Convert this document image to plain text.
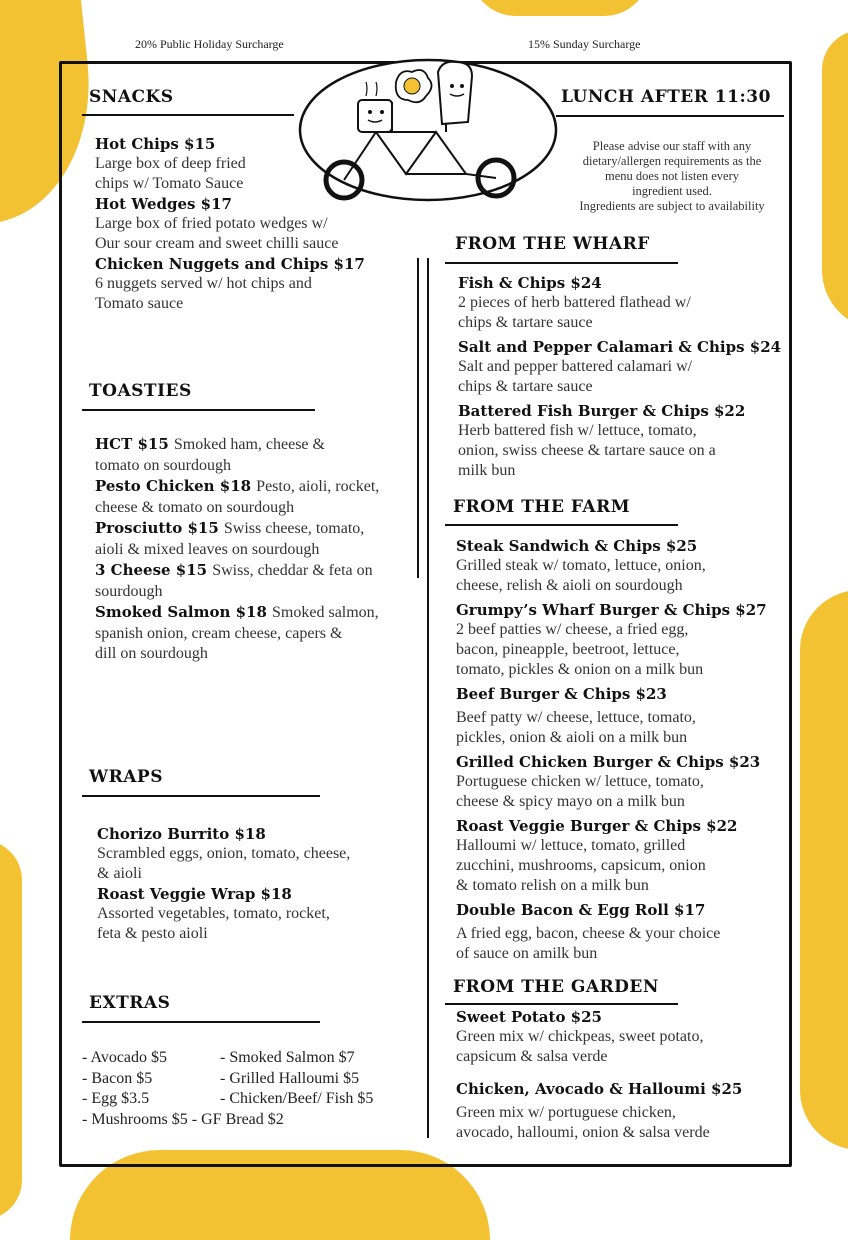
20% Public Holiday Surcharge	15% Sunday Surcharge
SNACKS
Hot Chips $15
Large box of deep fried
chips w/ Tomato Sauce
Hot Wedges $17
Large box of fried potato wedges w/
Our sour cream and sweet chilli sauce
Chicken Nuggets and Chips $17
6 nuggets served w/ hot chips and
Tomato sauce
TOASTIES
HCT $15 Smoked ham, cheese &
tomato on sourdough
Pesto Chicken $18 Pesto, aioli, rocket,
cheese & tomato on sourdough
Prosciutto $15 Swiss cheese, tomato,
aioli & mixed leaves on sourdough
3 Cheese $15 Swiss, cheddar & feta on
sourdough
Smoked Salmon $18 Smoked salmon,
spanish onion, cream cheese, capers &
dill on sourdough
WRAPS
Chorizo Burrito $18
Scrambled eggs, onion, tomato, cheese,
& aioli
Roast Veggie Wrap $18
Assorted vegetables, tomato, rocket,
feta & pesto aioli
EXTRAS
- Avocado $5
- Bacon $5
- Egg $3.5
- Mushrooms $5 - GF Bread $2
- Smoked Salmon $7
- Grilled Halloumi $5
- Chicken/Beef/ Fish $5
LUNCH AFTER 11:30
Please advise our staff with any
dietary/allergen requirements as the
menu does not listen every
ingredient used.
Ingredients are subject to availability
FROM THE WHARF
Fish & Chips $24
2 pieces of herb battered flathead w/
chips & tartare sauce
Salt and Pepper Calamari & Chips $24
Salt and pepper battered calamari w/
chips & tartare sauce
Battered Fish Burger & Chips $22
Herb battered fish w/ lettuce, tomato,
onion, swiss cheese & tartare sauce on a
milk bun
FROM THE FARM
Steak Sandwich & Chips $25
Grilled steak w/ tomato, lettuce, onion,
cheese, relish & aioli on sourdough
Grumpy’s Wharf Burger & Chips $27
2 beef patties w/ cheese, a fried egg,
bacon, pineapple, beetroot, lettuce,
tomato, pickles & onion on a milk bun
Beef Burger & Chips $23
Beef patty w/ cheese, lettuce, tomato,
pickles, onion & aioli on a milk bun
Grilled Chicken Burger & Chips $23
Portuguese chicken w/ lettuce, tomato,
cheese & spicy mayo on a milk bun
Roast Veggie Burger & Chips $22
Halloumi w/ lettuce, tomato, grilled
zucchini, mushrooms, capsicum, onion
& tomato relish on a milk bun
Double Bacon & Egg Roll $17
A fried egg, bacon, cheese & your choice
of sauce on amilk bun
FROM THE GARDEN
Sweet Potato $25
Green mix w/ chickpeas, sweet potato,
capsicum & salsa verde
Chicken, Avocado & Halloumi $25
Green mix w/ portuguese chicken,
avocado, halloumi, onion & salsa verde
